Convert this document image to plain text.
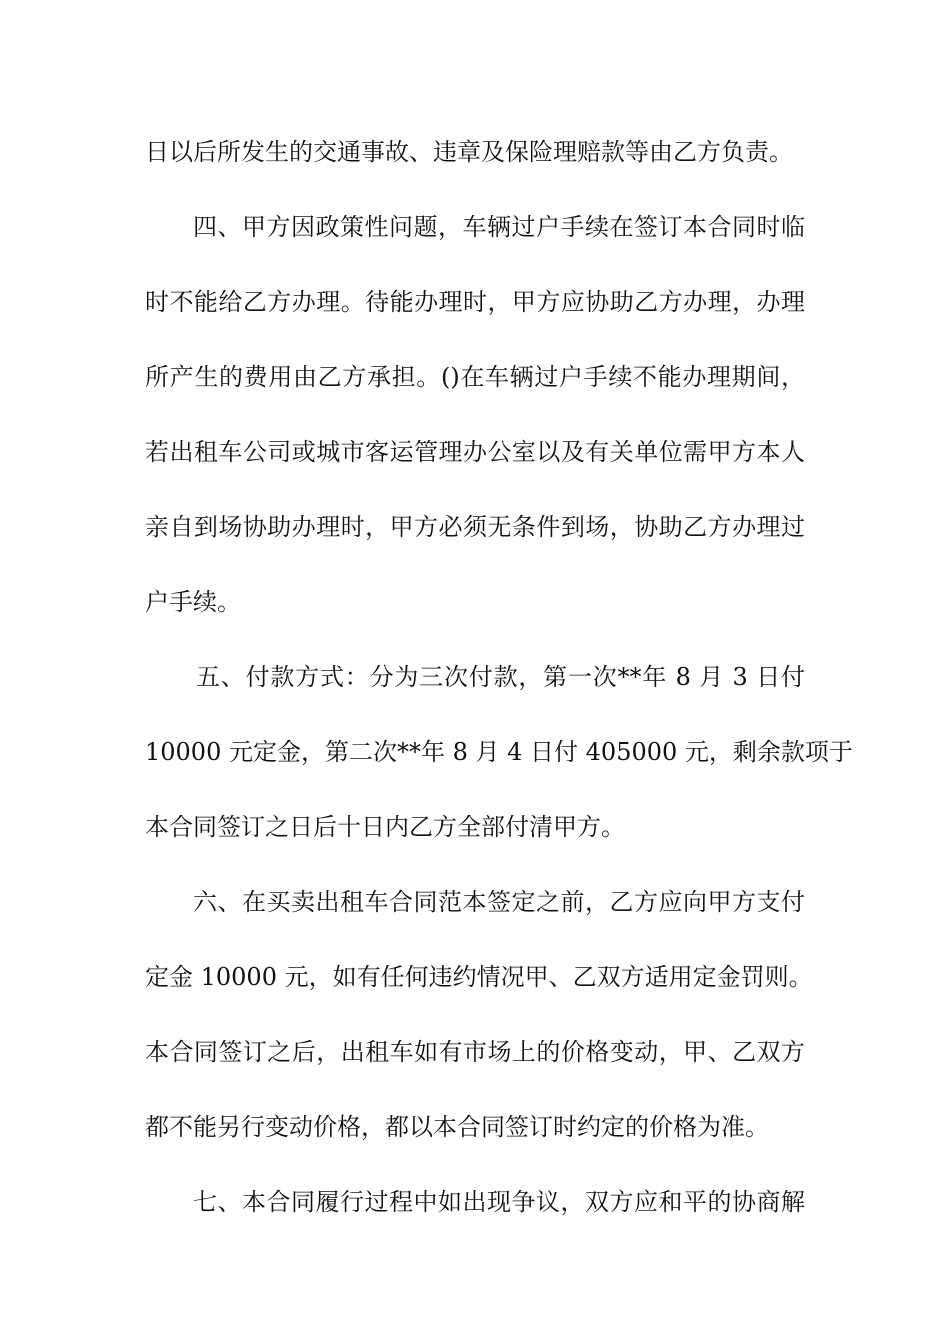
日以后所发生的交通事故、违章及保险理赔款等由乙方负责。
四、甲方因政策性问题，车辆过户手续在签订本合同时临
时不能给乙方办理。待能办理时，甲方应协助乙方办理，办理
所产生的费用由乙方承担。()在车辆过户手续不能办理期间，
若出租车公司或城市客运管理办公室以及有关单位需甲方本人
亲自到场协助办理时，甲方必须无条件到场，协助乙方办理过
户手续。
五、付款方式：分为三次付款，第一次**年 8 月 3 日付
10000 元定金，第二次**年 8 月 4 日付 405000 元，剩余款项于
本合同签订之日后十日内乙方全部付清甲方。
六、在买卖出租车合同范本签定之前，乙方应向甲方支付
定金 10000 元，如有任何违约情况甲、乙双方适用定金罚则。
本合同签订之后，出租车如有市场上的价格变动，甲、乙双方
都不能另行变动价格，都以本合同签订时约定的价格为准。
七、本合同履行过程中如出现争议，双方应和平的协商解
